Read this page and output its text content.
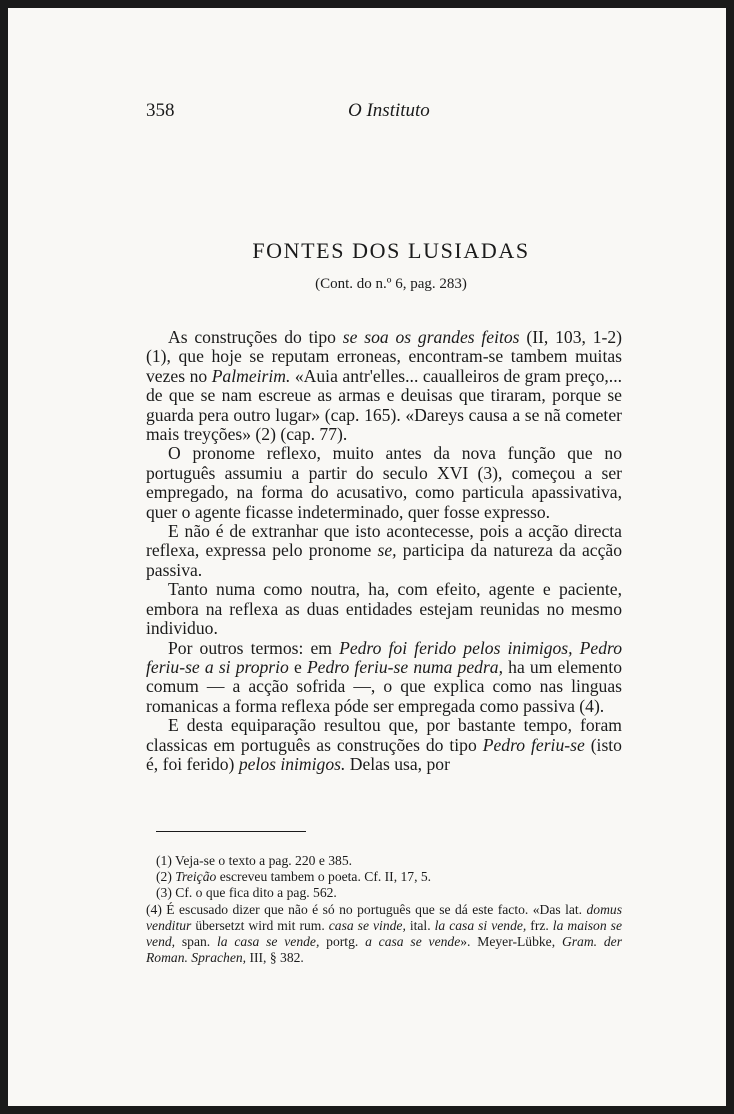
358	O Instituto
FONTES DOS LUSIADAS
(Cont. do n.º 6, pag. 283)

As construções do tipo se soa os grandes feitos (II, 103, 1-2) (1), que hoje se reputam erroneas, encontram-se tambem muitas vezes no Palmeirim. «Auia antr'elles... caualleiros de gram preço,... de que se nam escreue as armas e deuisas que tiraram, porque se guarda pera outro lugar» (cap. 165). «Dareys causa a se nã cometer mais treyções» (2) (cap. 77).

O pronome reflexo, muito antes da nova função que no português assumiu a partir do seculo XVI (3), começou a ser empregado, na forma do acusativo, como particula apassivativa, quer o agente ficasse indeterminado, quer fosse expresso.

E não é de extranhar que isto acontecesse, pois a acção directa reflexa, expressa pelo pronome se, participa da natureza da acção passiva.

Tanto numa como noutra, ha, com efeito, agente e paciente, embora na reflexa as duas entidades estejam reunidas no mesmo individuo.

Por outros termos: em Pedro foi ferido pelos inimigos, Pedro feriu-se a si proprio e Pedro feriu-se numa pedra, ha um elemento comum — a acção sofrida —, o que explica como nas linguas romanicas a forma reflexa póde ser empregada como passiva (4).

E desta equiparação resultou que, por bastante tempo, foram classicas em português as construções do tipo Pedro feriu-se (isto é, foi ferido) pelos inimigos. Delas usa, por

(1) Veja-se o texto a pag. 220 e 385.

(2) Treição escreveu tambem o poeta. Cf. II, 17, 5.

(3) Cf. o que fica dito a pag. 562.

(4) É escusado dizer que não é só no português que se dá este facto. «Das lat. domus venditur übersetzt wird mit rum. casa se vinde, ital. la casa si vende, frz. la maison se vend, span. la casa se vende, portg. a casa se vende». Meyer-Lübke, Gram. der Roman. Sprachen, III, § 382.
